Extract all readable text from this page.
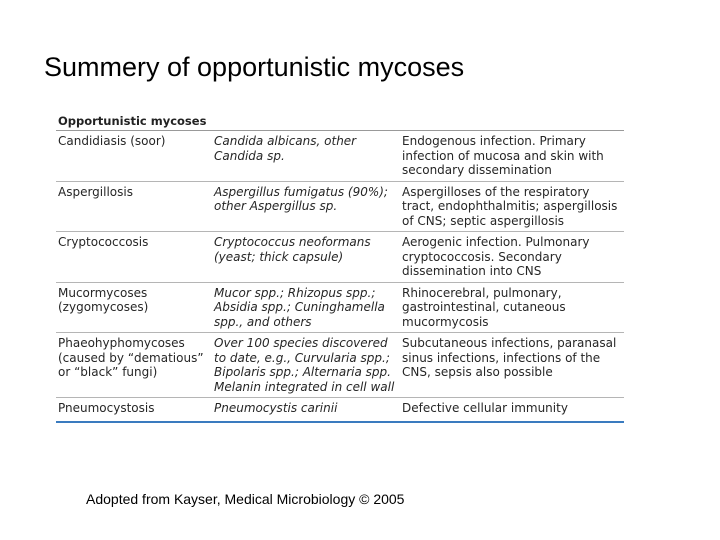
Summery of opportunistic mycoses
Opportunistic mycoses
Candidiasis (soor)	Candida albicans, other Candida sp.	Endogenous infection. Primary infection of mucosa and skin with secondary dissemination
Aspergillosis	Aspergillus fumigatus (90%); other Aspergillus sp.	Aspergilloses of the respiratory tract, endophthalmitis; aspergillosis of CNS; septic aspergillosis
Cryptococcosis	Cryptococcus neoformans (yeast; thick capsule)	Aerogenic infection. Pulmonary cryptococcosis. Secondary dissemination into CNS
Mucormycoses (zygomycoses)	Mucor spp.; Rhizopus spp.; Absidia spp.; Cuninghamella spp., and others	Rhinocerebral, pulmonary, gastrointestinal, cutaneous mucormycosis
Phaeohyphomycoses (caused by “dematious” or “black” fungi)	Over 100 species discovered to date, e.g., Curvularia spp.; Bipolaris spp.; Alternaria spp. Melanin integrated in cell wall	Subcutaneous infections, paranasal sinus infections, infections of the CNS, sepsis also possible
Pneumocystosis	Pneumocystis carinii	Defective cellular immunity
Adopted from Kayser, Medical Microbiology © 2005
